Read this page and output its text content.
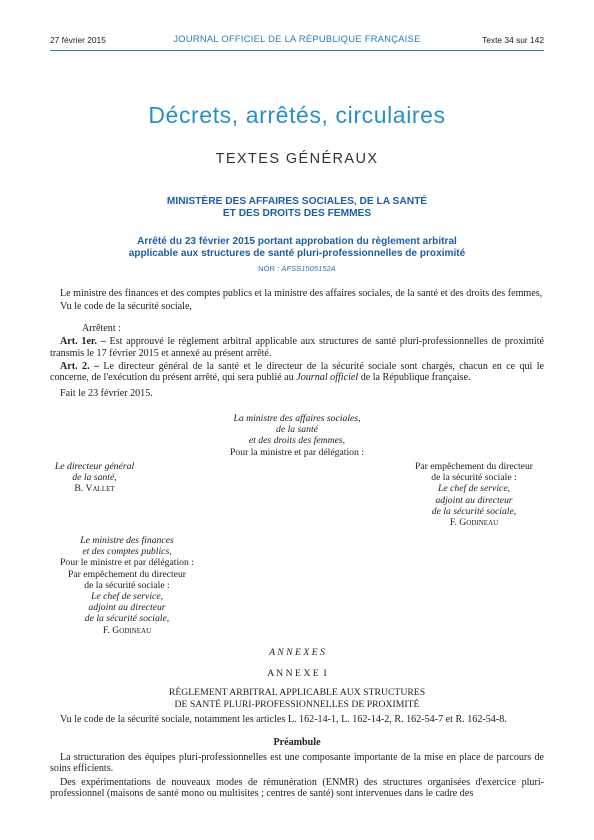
27 février 2015	JOURNAL OFFICIEL DE LA RÉPUBLIQUE FRANÇAISE	Texte 34 sur 142
Décrets, arrêtés, circulaires
TEXTES GÉNÉRAUX
MINISTÈRE DES AFFAIRES SOCIALES, DE LA SANTÉ
ET DES DROITS DES FEMMES
Arrêté du 23 février 2015 portant approbation du règlement arbitral
applicable aux structures de santé pluri-professionnelles de proximité
NOR : AFSS1505152A

Le ministre des finances et des comptes publics et la ministre des affaires sociales, de la santé et des droits des femmes,

Vu le code de la sécurité sociale,

Arrêtent :

Art. 1er. – Est approuvé le règlement arbitral applicable aux structures de santé pluri-professionnelles de proximité transmis le 17 février 2015 et annexé au présent arrêté.

Art. 2. – Le directeur général de la santé et le directeur de la sécurité sociale sont chargés, chacun en ce qui le concerne, de l'exécution du présent arrêté, qui sera publié au Journal officiel de la République française.

Fait le 23 février 2015.

La ministre des affaires sociales,
de la santé
et des droits des femmes,
Pour la ministre et par délégation :
Le directeur général
de la santé,
B. Vallet
Par empêchement du directeur
de la sécurité sociale :
Le chef de service,
adjoint au directeur
de la sécurité sociale,
F. Godineau
Le ministre des finances
et des comptes publics,
Pour le ministre et par délégation :
Par empêchement du directeur
de la sécurité sociale :
Le chef de service,
adjoint au directeur
de la sécurité sociale,
F. Godineau
A N N E X E S
A N N E X E  I
RÈGLEMENT ARBITRAL APPLICABLE AUX STRUCTURES
DE SANTÉ PLURI-PROFESSIONNELLES DE PROXIMITÉ

Vu le code de la sécurité sociale, notamment les articles L. 162-14-1, L. 162-14-2, R. 162-54-7 et R. 162-54-8.

Préambule

La structuration des équipes pluri-professionnelles est une composante importante de la mise en place de parcours de soins efficients.

Des expérimentations de nouveaux modes de rémunération (ENMR) des structures organisées d'exercice pluri-professionnel (maisons de santé mono ou multisites ; centres de santé) sont intervenues dans le cadre des
